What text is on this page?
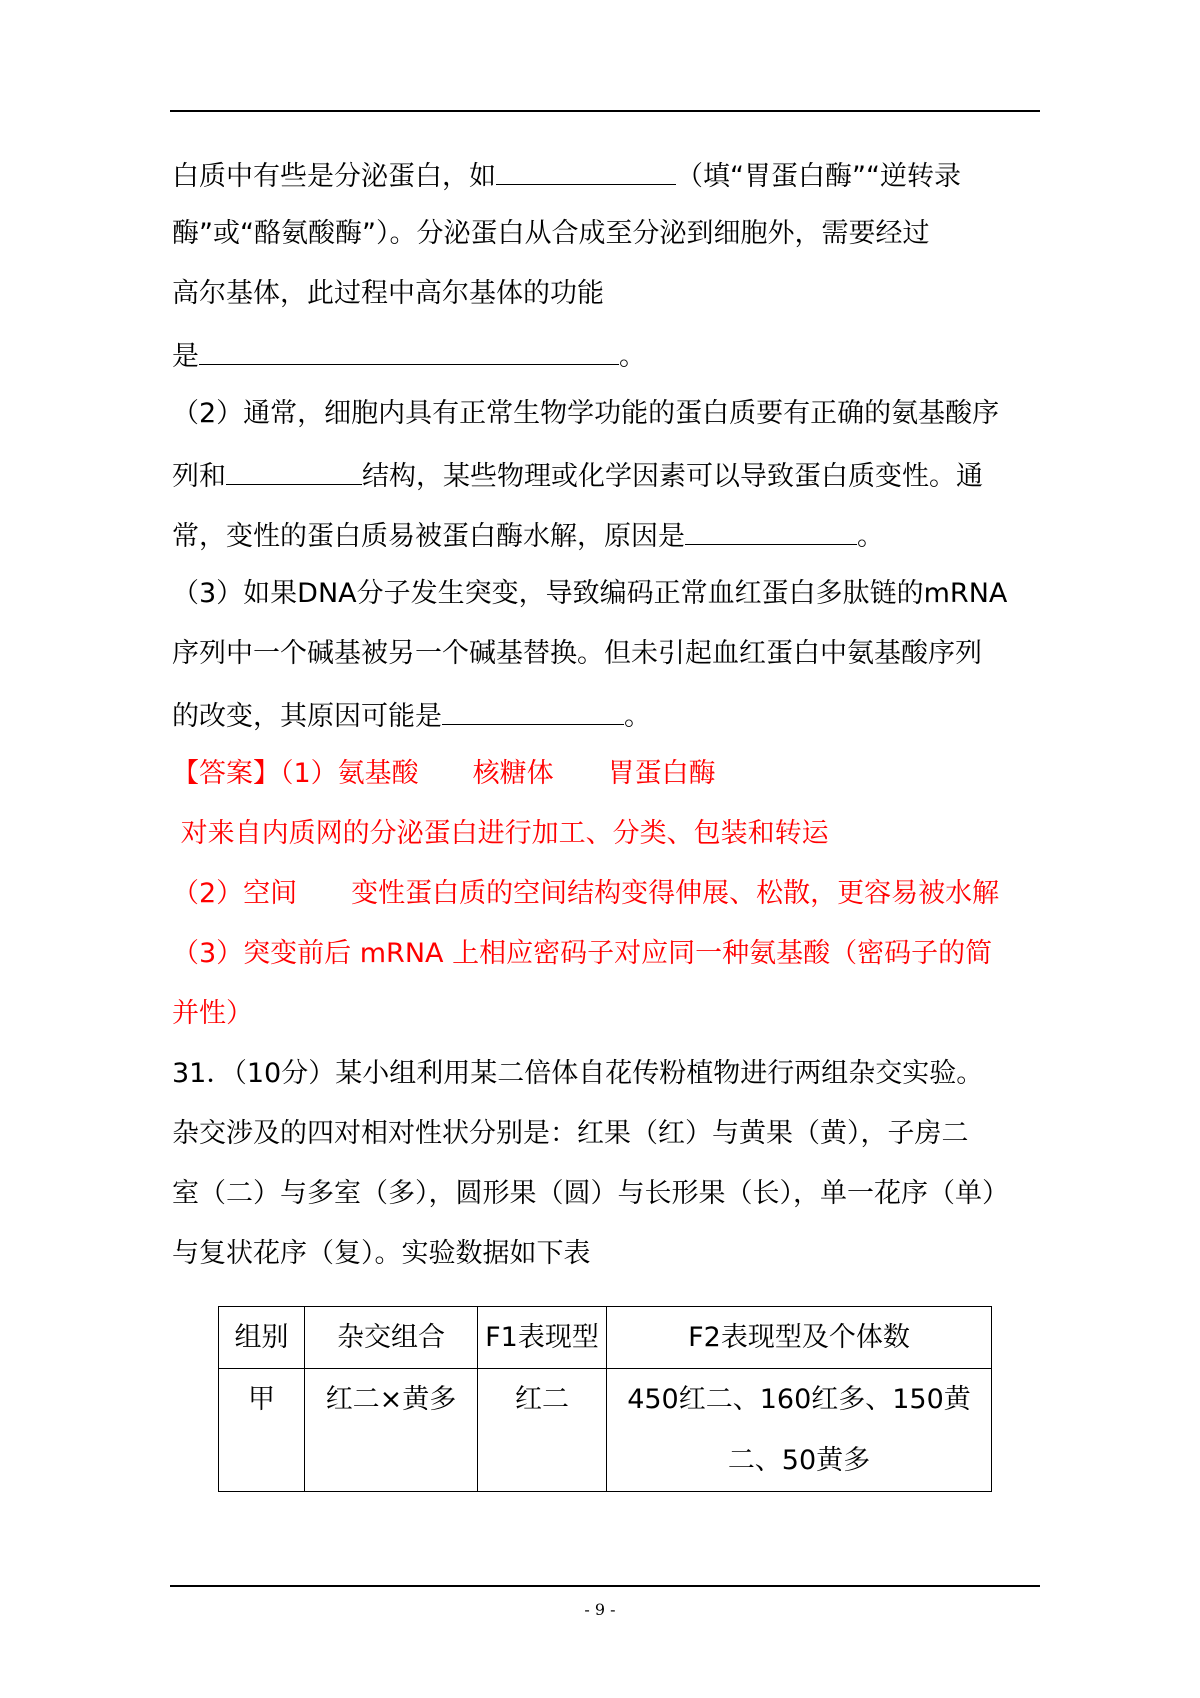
白质中有些是分泌蛋白，如	（填“胃蛋白酶”“逆转录
酶”或“酪氨酸酶”）。分泌蛋白从合成至分泌到细胞外，需要经过
高尔基体，此过程中高尔基体的功能
是	。
（2）通常，细胞内具有正常生物学功能的蛋白质要有正确的氨基酸序
列和	结构，某些物理或化学因素可以导致蛋白质变性。通
常，变性的蛋白质易被蛋白酶水解，原因是	。
（3）如果DNA分子发生突变，导致编码正常血红蛋白多肽链的mRNA
序列中一个碱基被另一个碱基替换。但未引起血红蛋白中氨基酸序列
的改变，其原因可能是	。
【答案】（1）氨基酸　　核糖体　　胃蛋白酶
对来自内质网的分泌蛋白进行加工、分类、包装和转运
（2）空间　　变性蛋白质的空间结构变得伸展、松散，更容易被水解
（3）突变前后 mRNA 上相应密码子对应同一种氨基酸（密码子的简
并性）
31．（10分）某小组利用某二倍体自花传粉植物进行两组杂交实验。
杂交涉及的四对相对性状分别是：红果（红）与黄果（黄），子房二
室（二）与多室（多），圆形果（圆）与长形果（长），单一花序（单）
与复状花序（复）。实验数据如下表
组别	杂交组合	F1表现型	F2表现型及个体数
甲	红二×黄多	红二	450红二、160红多、150黄二、50黄多
- 9 -
